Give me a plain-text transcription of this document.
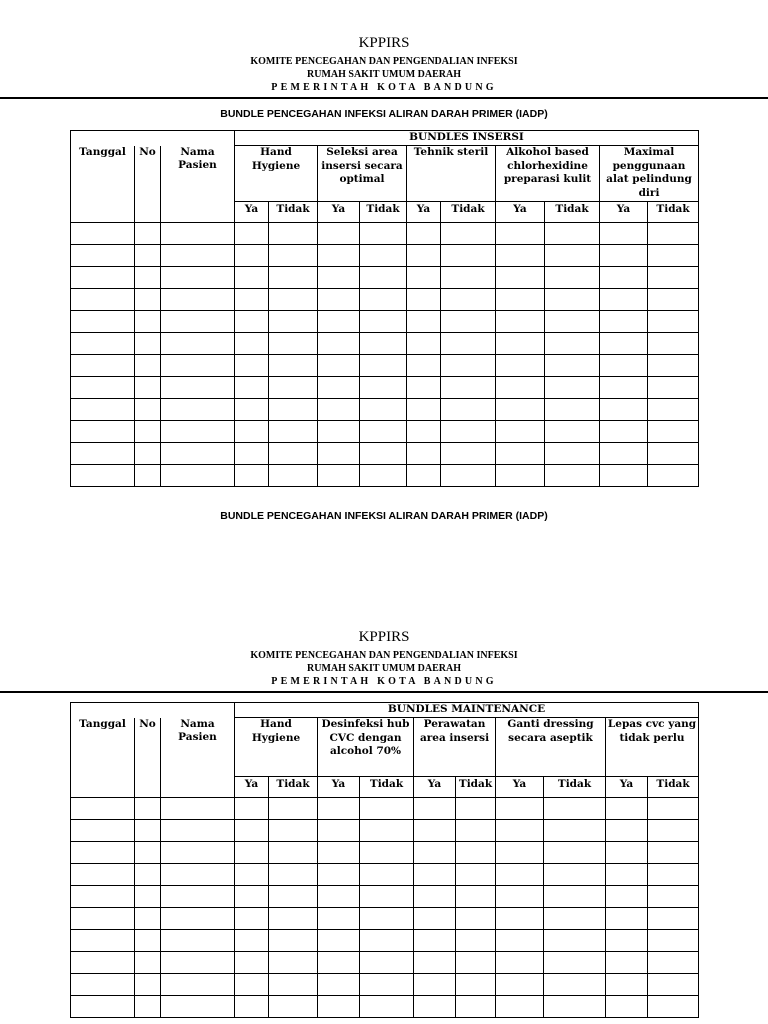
KPPIRS
KOMITE PENCEGAHAN DAN PENGENDALIAN INFEKSI
RUMAH SAKIT UMUM DAERAH
PEMERINTAH KOTA BANDUNG
BUNDLE PENCEGAHAN INFEKSI ALIRAN DARAH PRIMER (IADP)
			BUNDLES INSERSI									
Tanggal	No	Nama Pasien	Hand Hygiene		Seleksi area insersi secara optimal		Tehnik steril		Alkohol based chlorhexidine preparasi kulit		Maximal penggunaan alat pelindung diri	
			Ya	Tidak	Ya	Tidak	Ya	Tidak	Ya	Tidak	Ya	Tidak

BUNDLE PENCEGAHAN INFEKSI ALIRAN DARAH PRIMER (IADP)
KPPIRS
KOMITE PENCEGAHAN DAN PENGENDALIAN INFEKSI
RUMAH SAKIT UMUM DAERAH
PEMERINTAH KOTA BANDUNG
			BUNDLES MAINTENANCE									
Tanggal	No	Nama Pasien	Hand Hygiene		Desinfeksi hub CVC dengan alcohol 70%		Perawatan area insersi		Ganti dressing secara aseptik		Lepas cvc yang tidak perlu	
			Ya	Tidak	Ya	Tidak	Ya	Tidak	Ya	Tidak	Ya	Tidak
